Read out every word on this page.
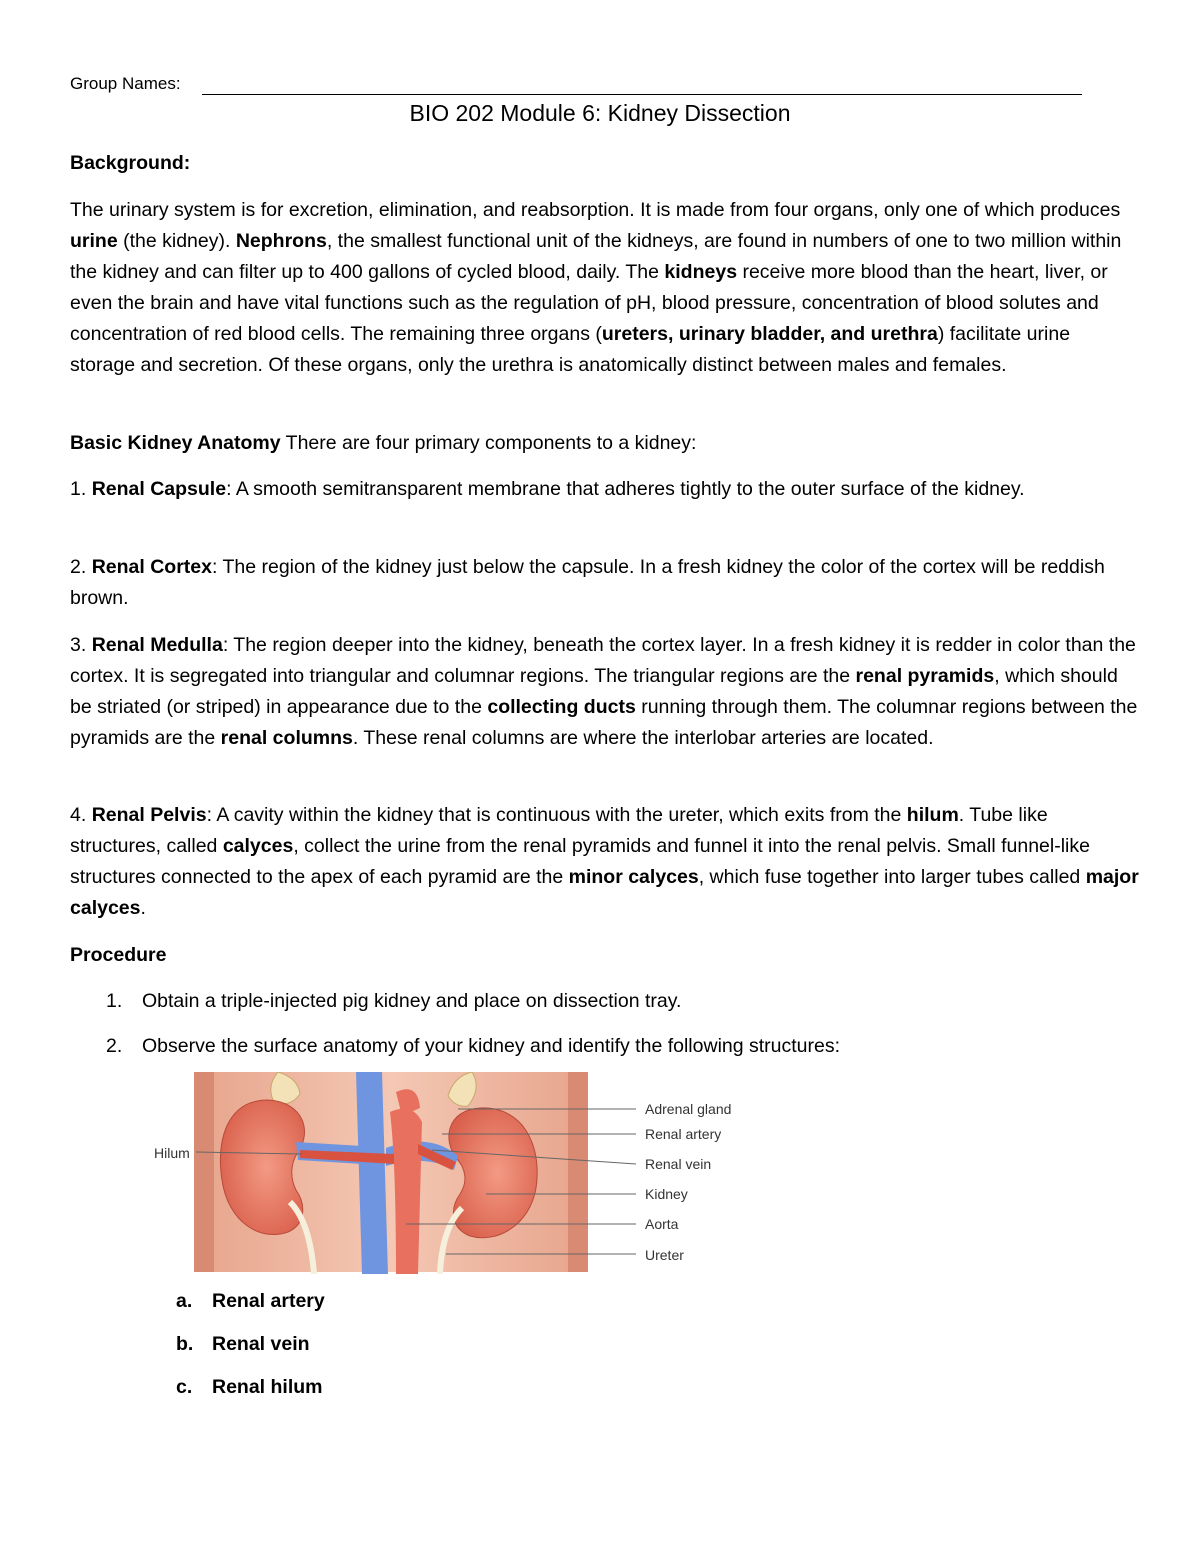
Group Names:
BIO 202 Module 6: Kidney Dissection
Background:
The urinary system is for excretion, elimination, and reabsorption. It is made from four organs, only one of which produces urine (the kidney). Nephrons, the smallest functional unit of the kidneys, are found in numbers of one to two million within the kidney and can filter up to 400 gallons of cycled blood, daily. The kidneys receive more blood than the heart, liver, or even the brain and have vital functions such as the regulation of pH, blood pressure, concentration of blood solutes and concentration of red blood cells. The remaining three organs (ureters, urinary bladder, and urethra) facilitate urine storage and secretion. Of these organs, only the urethra is anatomically distinct between males and females.
Basic Kidney Anatomy There are four primary components to a kidney:
1. Renal Capsule: A smooth semitransparent membrane that adheres tightly to the outer surface of the kidney.
2. Renal Cortex: The region of the kidney just below the capsule. In a fresh kidney the color of the cortex will be reddish brown.
3. Renal Medulla: The region deeper into the kidney, beneath the cortex layer. In a fresh kidney it is redder in color than the cortex. It is segregated into triangular and columnar regions. The triangular regions are the renal pyramids, which should be striated (or striped) in appearance due to the collecting ducts running through them. The columnar regions between the pyramids are the renal columns. These renal columns are where the interlobar arteries are located.
4. Renal Pelvis: A cavity within the kidney that is continuous with the ureter, which exits from the hilum. Tube like structures, called calyces, collect the urine from the renal pyramids and funnel it into the renal pelvis. Small funnel-like structures connected to the apex of each pyramid are the minor calyces, which fuse together into larger tubes called major calyces.
Procedure
1. Obtain a triple-injected pig kidney and place on dissection tray.
2. Observe the surface anatomy of your kidney and identify the following structures:
Hilum
Adrenal gland
Renal artery
Renal vein
Kidney
Aorta
Ureter
a. Renal artery
b. Renal vein
c. Renal hilum
